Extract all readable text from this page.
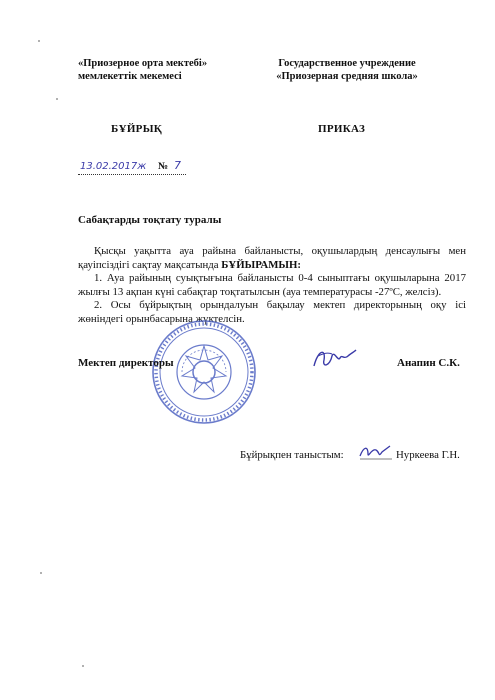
«Приозерное орта мектебі»
мемлекеттік мекемесі
Государственное учреждение
«Приозерная средняя школа»
БҰЙРЫҚ	ПРИКАЗ
13.02.2017ж № 7
Сабақтарды тоқтату туралы
Қысқы уақытта ауа райына байланысты, оқушылардың денсаулығы мен қауіпсіздігі сақтау мақсатында БҰЙЫРАМЫН:
1. Ауа райының суықтығына байланысты 0-4 сыныптағы оқушыларына 2017 жылғы 13 ақпан күні сабақтар тоқтатылсын (ауа температурасы -27ºС, желсіз).
2. Осы бұйрықтың орындалуын бақылау мектеп директорының оқу ісі жөніндегі орынбасарына жүктелсін.
Мектеп директоры	Анапин С.К.
Бұйрықпен таныстым:	Нуркеева Г.Н.
